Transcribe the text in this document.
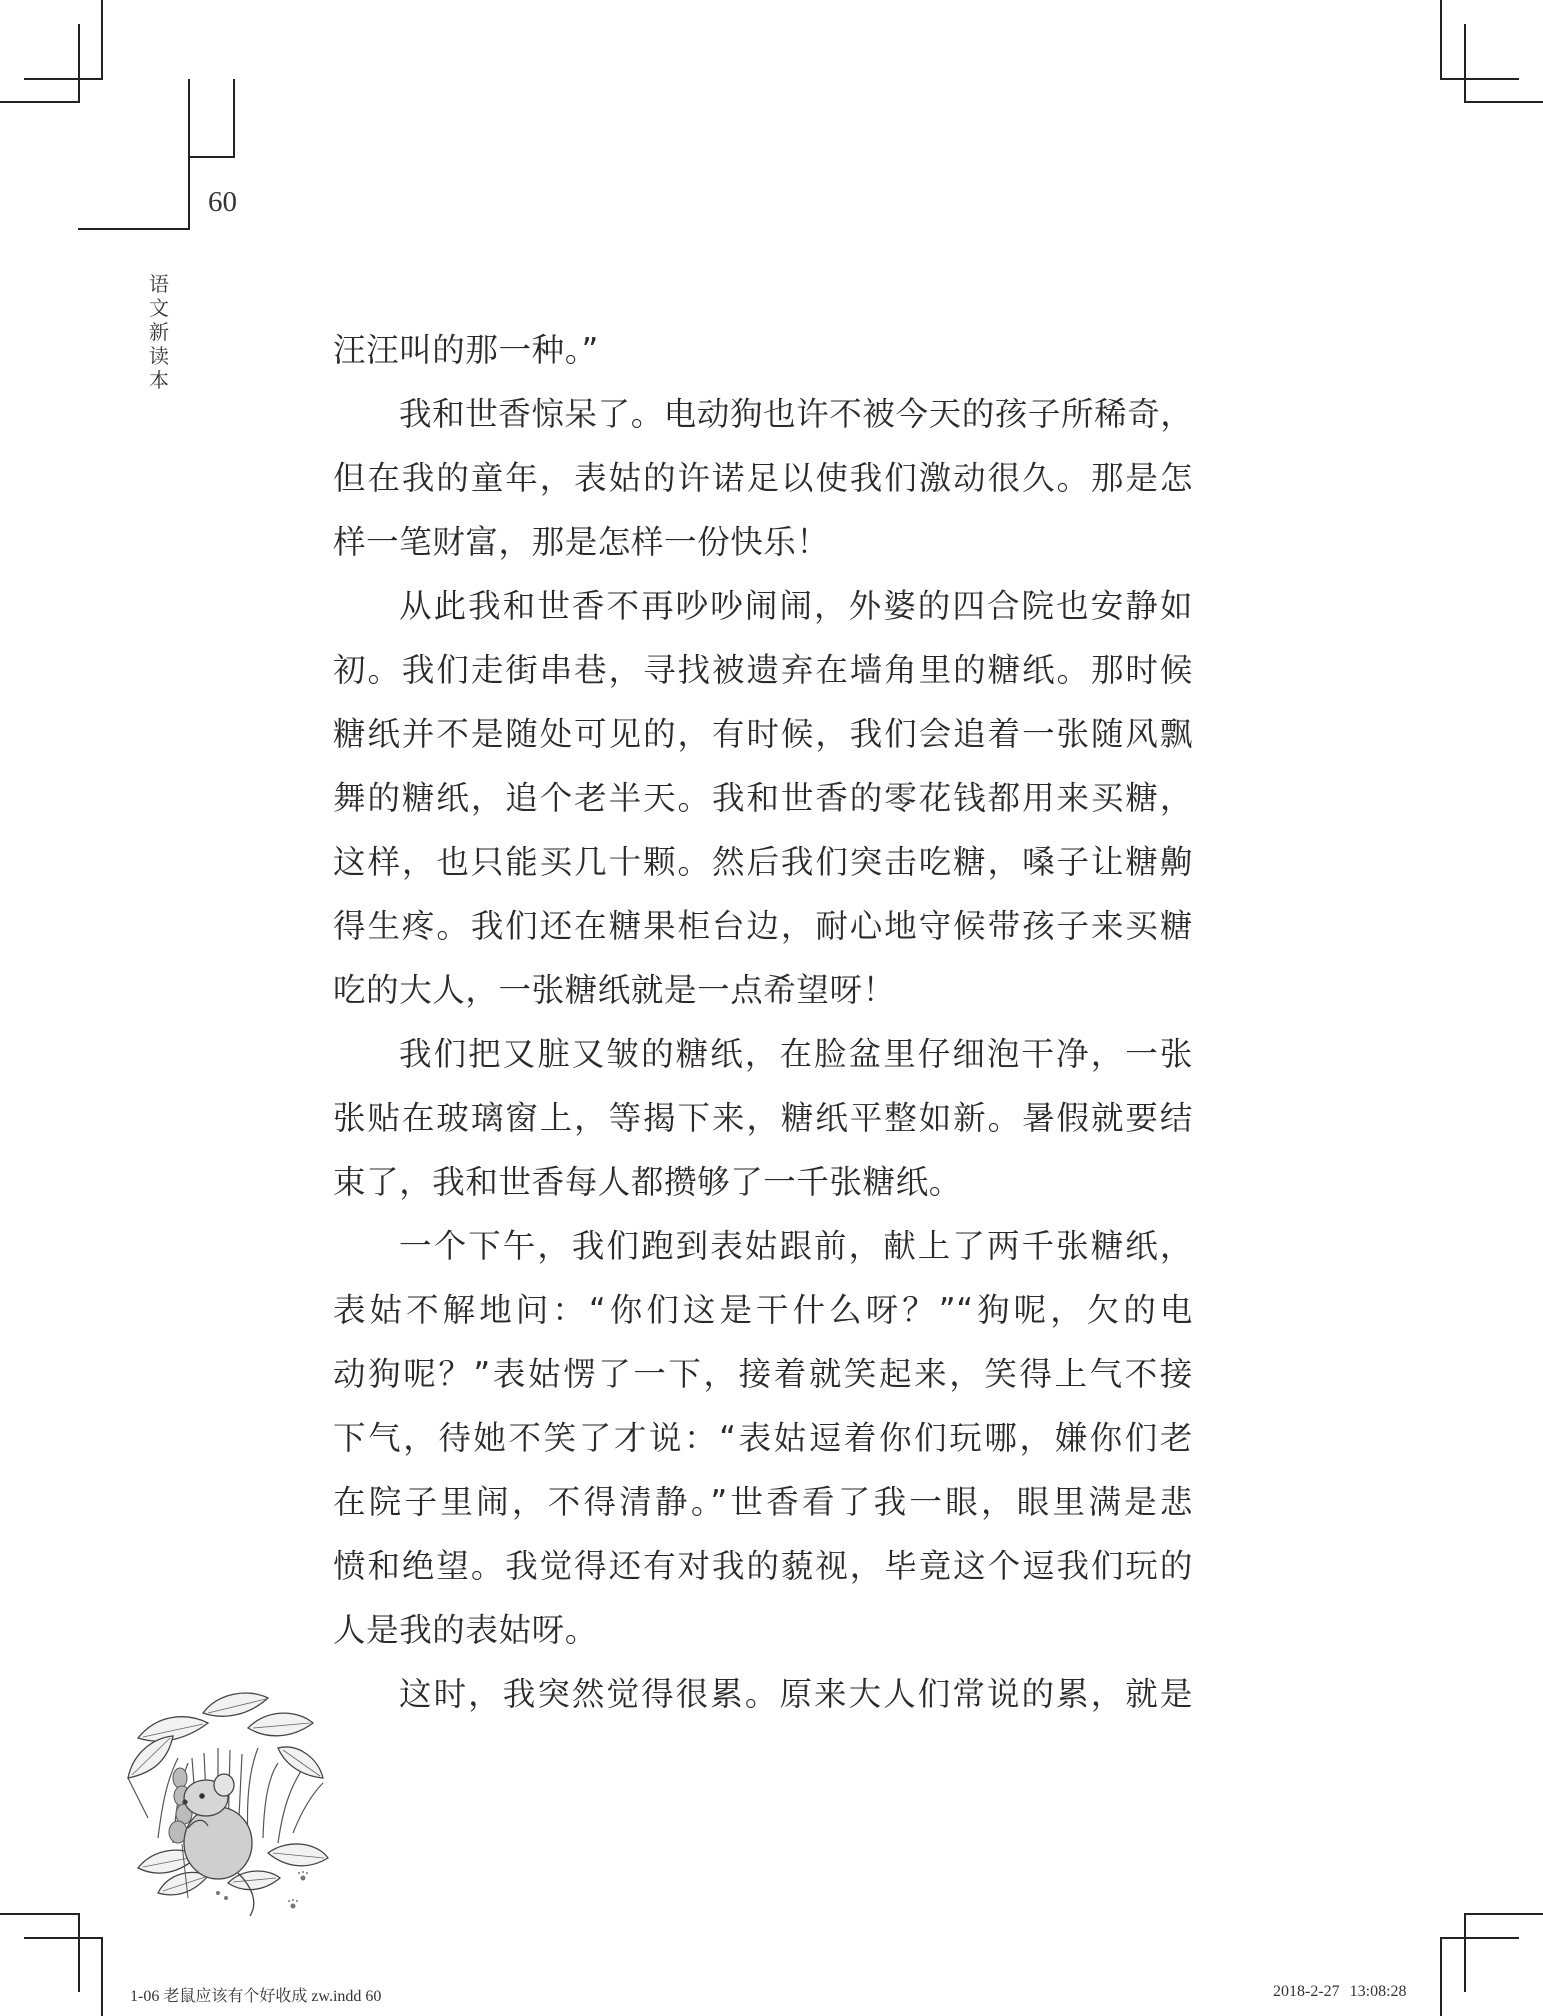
60
语
文
新
读
本
汪汪叫的那一种。”
我和世香惊呆了。电动狗也许不被今天的孩子所稀奇，
但在我的童年，表姑的许诺足以使我们激动很久。那是怎
样一笔财富，那是怎样一份快乐！
从此我和世香不再吵吵闹闹，外婆的四合院也安静如
初。我们走街串巷，寻找被遗弃在墙角里的糖纸。那时候
糖纸并不是随处可见的，有时候，我们会追着一张随风飘
舞的糖纸，追个老半天。我和世香的零花钱都用来买糖，
这样，也只能买几十颗。然后我们突击吃糖，嗓子让糖齁
得生疼。我们还在糖果柜台边，耐心地守候带孩子来买糖
吃的大人，一张糖纸就是一点希望呀！
我们把又脏又皱的糖纸，在脸盆里仔细泡干净，一张
张贴在玻璃窗上，等揭下来，糖纸平整如新。暑假就要结
束了，我和世香每人都攒够了一千张糖纸。
一个下午，我们跑到表姑跟前，献上了两千张糖纸，
表姑不解地问：“你们这是干什么呀？”“狗呢，欠的电
动狗呢？”表姑愣了一下，接着就笑起来，笑得上气不接
下气，待她不笑了才说：“表姑逗着你们玩哪，嫌你们老
在院子里闹，不得清静。”世香看了我一眼，眼里满是悲
愤和绝望。我觉得还有对我的藐视，毕竟这个逗我们玩的
人是我的表姑呀。
这时，我突然觉得很累。原来大人们常说的累，就是
1-06 老鼠应该有个好收成 zw.indd 60	2018-2-27 13:08:28
